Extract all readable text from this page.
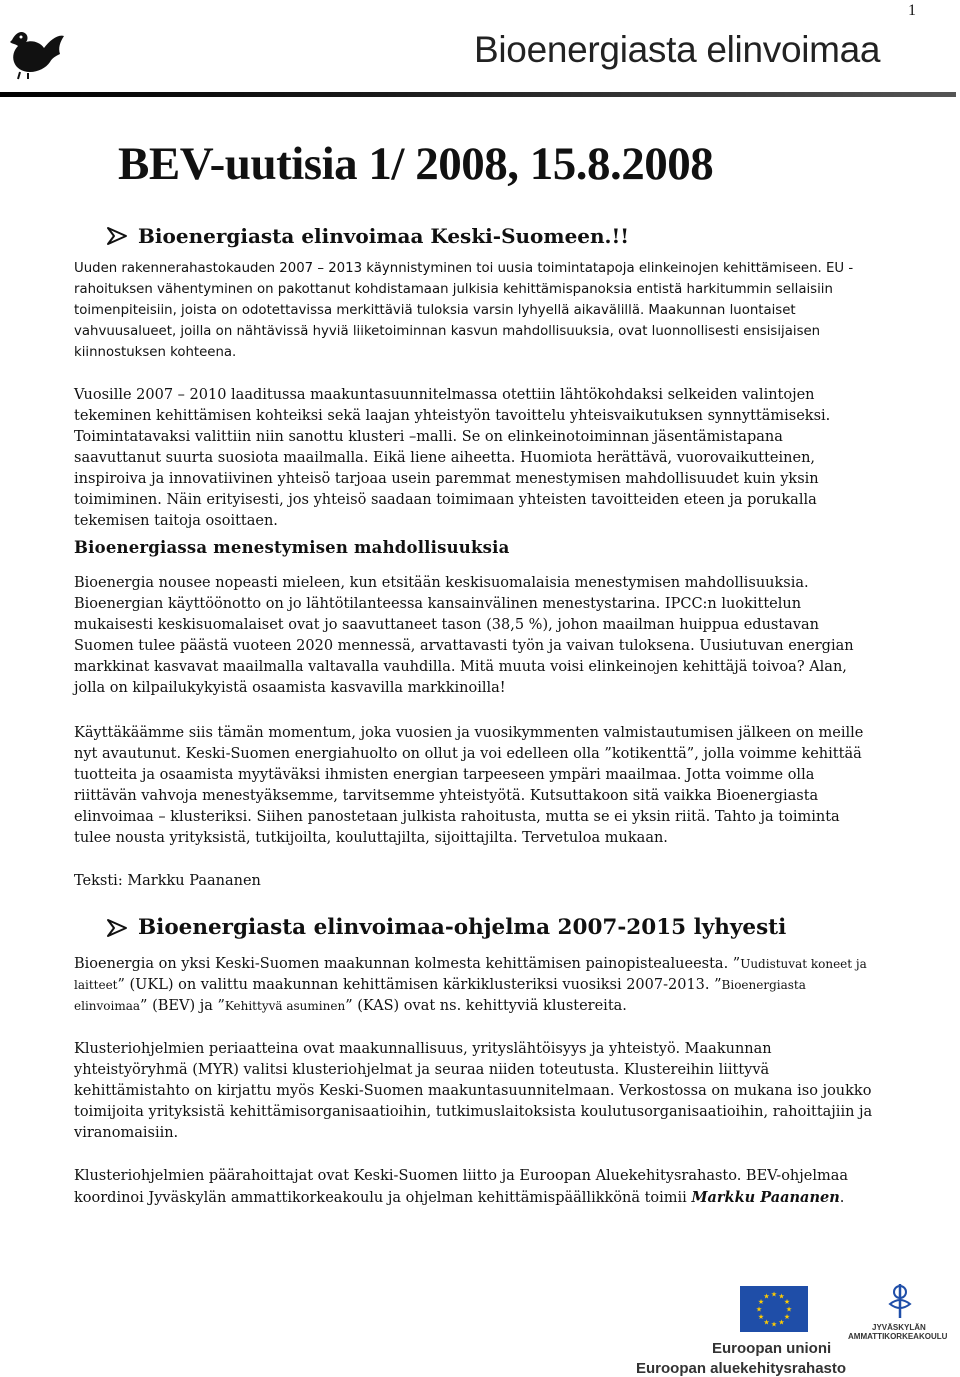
1
Bioenergiasta elinvoimaa
BEV-uutisia 1/ 2008, 15.8.2008
Bioenergiasta elinvoimaa Keski-Suomeen.!!

Uuden rakennerahastokauden 2007 – 2013 käynnistyminen toi uusia toimintatapoja elinkeinojen kehittämiseen. EU -rahoituksen vähentyminen on pakottanut kohdistamaan julkisia kehittämispanoksia entistä harkitummin sellaisiin toimenpiteisiin, joista on odotettavissa merkittäviä tuloksia varsin lyhyellä aikavälillä. Maakunnan luontaiset vahvuusalueet, joilla on nähtävissä hyviä liiketoiminnan kasvun mahdollisuuksia, ovat luonnollisesti ensisijaisen kiinnostuksen kohteena.

Vuosille 2007 – 2010 laaditussa maakuntasuunnitelmassa otettiin lähtökohdaksi selkeiden valintojen tekeminen kehittämisen kohteiksi sekä laajan yhteistyön tavoittelu yhteisvaikutuksen synnyttämiseksi. Toimintatavaksi valittiin niin sanottu klusteri –malli. Se on elinkeinotoiminnan jäsentämistapana saavuttanut suurta suosiota maailmalla. Eikä liene aiheetta. Huomiota herättävä, vuorovaikutteinen, inspiroiva ja innovatiivinen yhteisö tarjoaa usein paremmat menestymisen mahdollisuudet kuin yksin toimiminen. Näin erityisesti, jos yhteisö saadaan toimimaan yhteisten tavoitteiden eteen ja porukalla tekemisen taitoja osoittaen.

Bioenergiassa menestymisen mahdollisuuksia

Bioenergia nousee nopeasti mieleen, kun etsitään keskisuomalaisia menestymisen mahdollisuuksia. Bioenergian käyttöönotto on jo lähtötilanteessa kansainvälinen menestystarina. IPCC:n luokittelun mukaisesti keskisuomalaiset ovat jo saavuttaneet tason (38,5 %), johon maailman huippua edustavan Suomen tulee päästä vuoteen 2020 mennessä, arvattavasti työn ja vaivan tuloksena. Uusiutuvan energian markkinat kasvavat maailmalla valtavalla vauhdilla. Mitä muuta voisi elinkeinojen kehittäjä toivoa? Alan, jolla on kilpailukykyistä osaamista kasvavilla markkinoilla!

Käyttäkäämme siis tämän momentum, joka vuosien ja vuosikymmenten valmistautumisen jälkeen on meille nyt avautunut. Keski-Suomen energiahuolto on ollut ja voi edelleen olla ”kotikenttä”, jolla voimme kehittää tuotteita ja osaamista myytäväksi ihmisten energian tarpeeseen ympäri maailmaa. Jotta voimme olla riittävän vahvoja menestyäksemme, tarvitsemme yhteistyötä. Kutsuttakoon sitä vaikka Bioenergiasta elinvoimaa – klusteriksi. Siihen panostetaan julkista rahoitusta, mutta se ei yksin riitä. Tahto ja toiminta tulee nousta yrityksistä, tutkijoilta, kouluttajilta, sijoittajilta. Tervetuloa mukaan.

Teksti: Markku Paananen

Bioenergiasta elinvoimaa-ohjelma 2007-2015 lyhyesti

Bioenergia on yksi Keski-Suomen maakunnan kolmesta kehittämisen painopistealueesta. ”Uudistuvat koneet ja laitteet” (UKL) on valittu maakunnan kehittämisen kärkiklusteriksi vuosiksi 2007-2013. ”Bioenergiasta elinvoimaa” (BEV) ja ”Kehittyvä asuminen” (KAS) ovat ns. kehittyviä klustereita.

Klusteriohjelmien periaatteina ovat maakunnallisuus, yrityslähtöisyys ja yhteistyö. Maakunnan yhteistyöryhmä (MYR) valitsi klusteriohjelmat ja seuraa niiden toteutusta. Klustereihin liittyvä kehittämistahto on kirjattu myös Keski-Suomen maakuntasuunnitelmaan. Verkostossa on mukana iso joukko toimijoita yrityksistä kehittämisorganisaatioihin, tutkimuslaitoksista koulutusorganisaatioihin, rahoittajiin ja viranomaisiin.

Klusteriohjelmien päärahoittajat ovat Keski-Suomen liitto ja Euroopan Aluekehitysrahasto. BEV-ohjelmaa koordinoi Jyväskylän ammattikorkeakoulu ja ohjelman kehittämispäällikkönä toimii Markku Paananen.

★
★
★
★
★
★
★
★
★ ★ ★
★
Euroopan unioni
Euroopan aluekehitysrahasto
JYVÄSKYLÄN
AMMATTIKORKEAKOULU
